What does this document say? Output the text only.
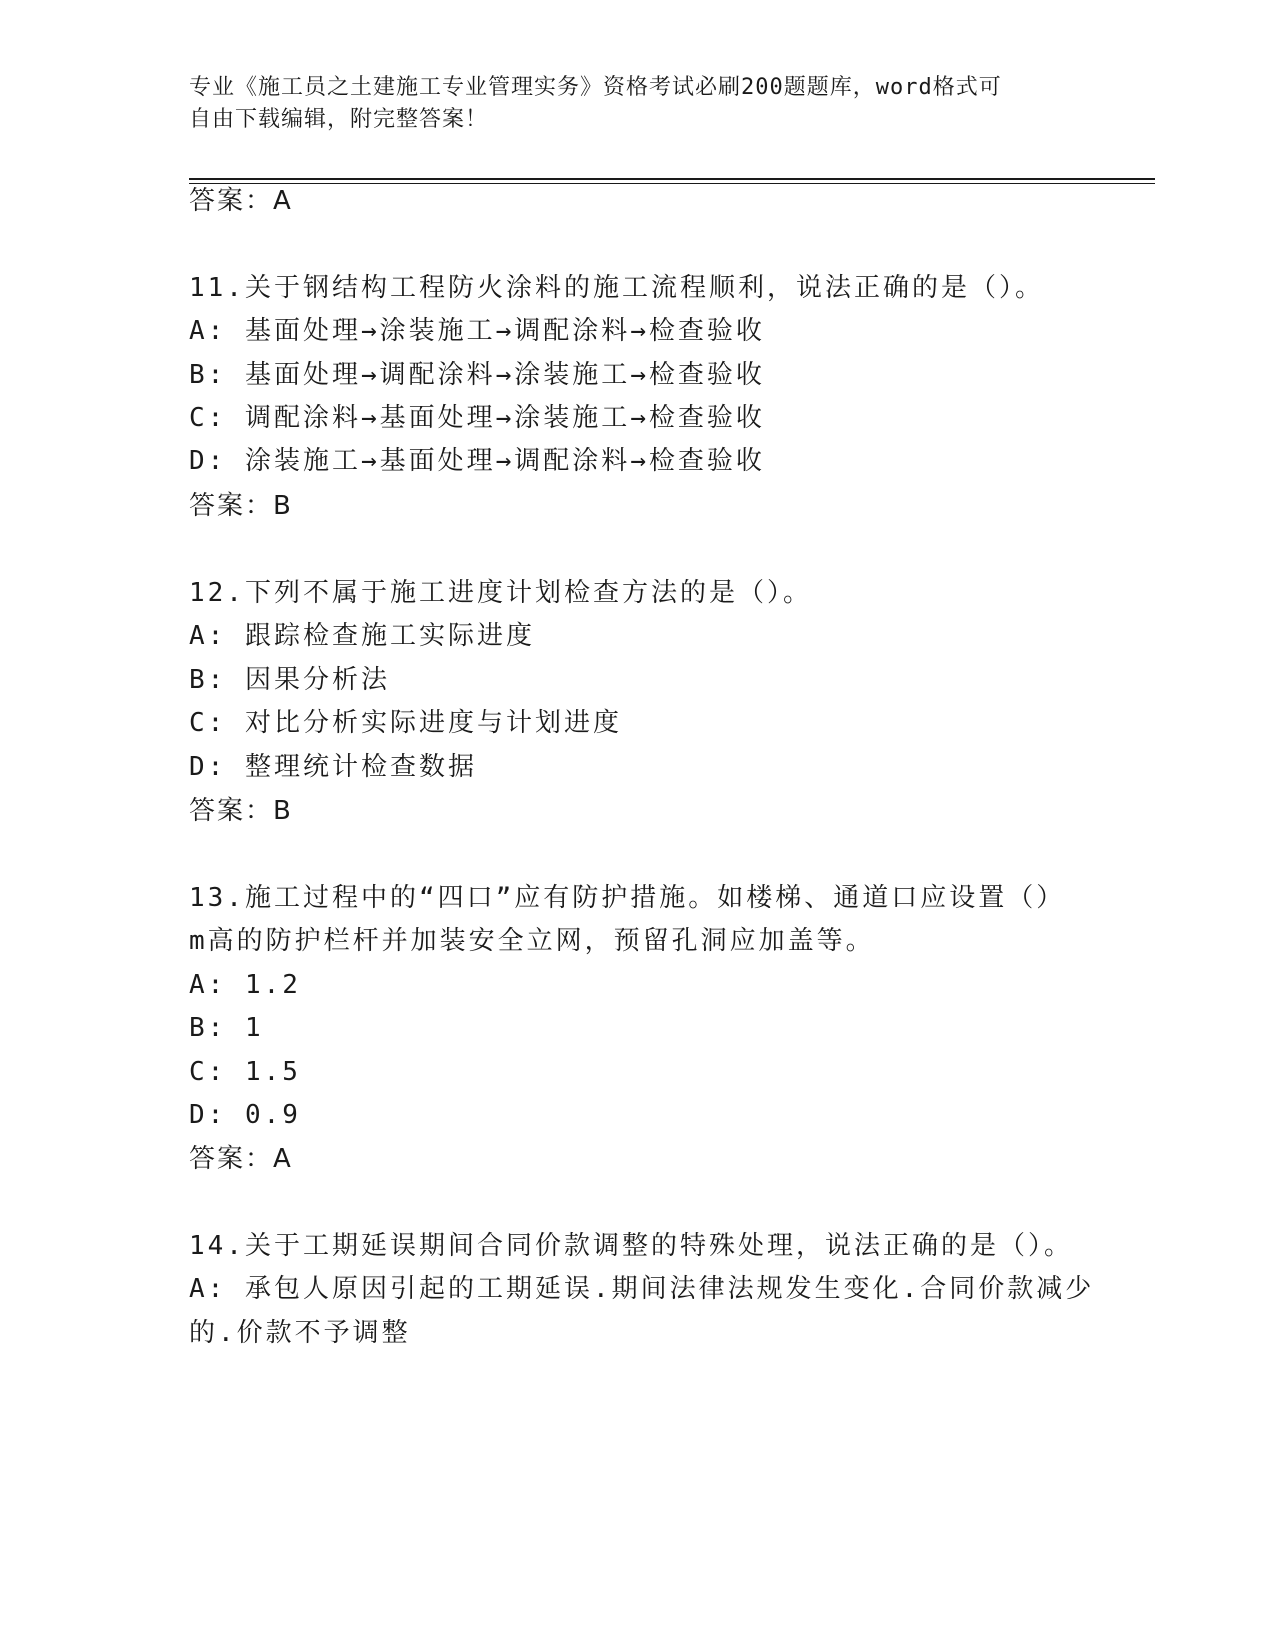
专业《施工员之土建施工专业管理实务》资格考试必刷200题题库，word格式可
自由下载编辑，附完整答案！
答案：A
11.关于钢结构工程防火涂料的施工流程顺利，说法正确的是（）。
A: 基面处理→涂装施工→调配涂料→检查验收
B: 基面处理→调配涂料→涂装施工→检查验收
C: 调配涂料→基面处理→涂装施工→检查验收
D: 涂装施工→基面处理→调配涂料→检查验收
答案：B
12.下列不属于施工进度计划检查方法的是（）。
A: 跟踪检查施工实际进度
B: 因果分析法
C: 对比分析实际进度与计划进度
D: 整理统计检查数据
答案：B
13.施工过程中的“四口”应有防护措施。如楼梯、通道口应设置（）
m高的防护栏杆并加装安全立网，预留孔洞应加盖等。
A: 1.2
B: 1
C: 1.5
D: 0.9
答案：A
14.关于工期延误期间合同价款调整的特殊处理，说法正确的是（）。
A: 承包人原因引起的工期延误.期间法律法规发生变化.合同价款减少
的.价款不予调整
